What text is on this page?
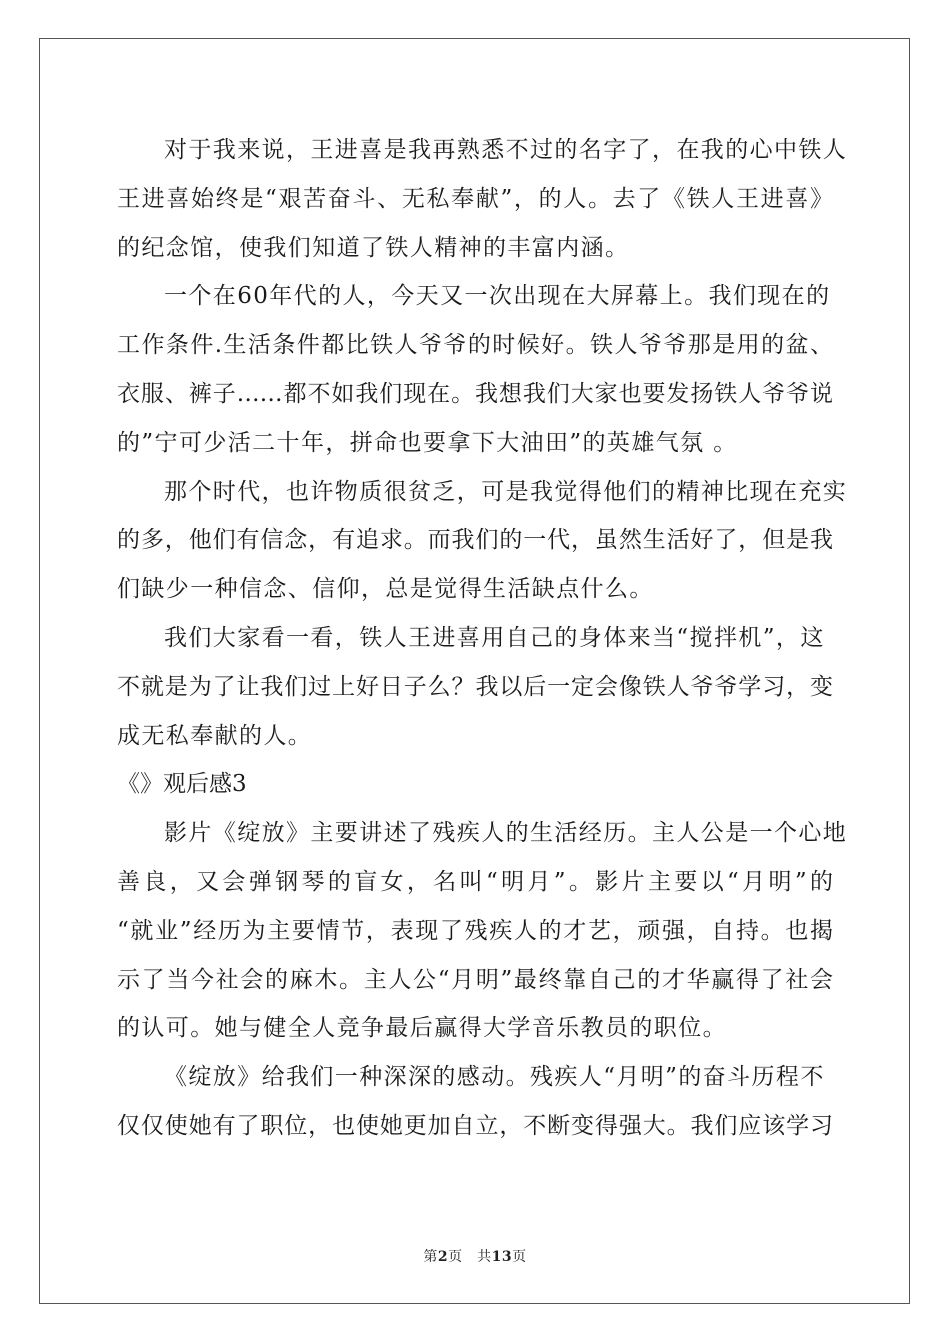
对于我来说，王进喜是我再熟悉不过的名字了，在我的心中铁人
王进喜始终是“艰苦奋斗、无私奉献”，的人。去了《铁人王进喜》
的纪念馆，使我们知道了铁人精神的丰富内涵。
一个在60年代的人，今天又一次出现在大屏幕上。我们现在的
工作条件.生活条件都比铁人爷爷的时候好。铁人爷爷那是用的盆、
衣服、裤子……都不如我们现在。我想我们大家也要发扬铁人爷爷说
的”宁可少活二十年，拼命也要拿下大油田”的英雄气氛 。
那个时代，也许物质很贫乏，可是我觉得他们的精神比现在充实
的多，他们有信念，有追求。而我们的一代，虽然生活好了，但是我
们缺少一种信念、信仰，总是觉得生活缺点什么。
我们大家看一看，铁人王进喜用自己的身体来当“搅拌机”，这
不就是为了让我们过上好日子么？我以后一定会像铁人爷爷学习，变
成无私奉献的人。
《》观后感3
影片《绽放》主要讲述了残疾人的生活经历。主人公是一个心地
善良，又会弹钢琴的盲女，名叫“明月”。影片主要以“月明”的
“就业”经历为主要情节，表现了残疾人的才艺，顽强，自持。也揭
示了当今社会的麻木。主人公“月明”最终靠自己的才华赢得了社会
的认可。她与健全人竞争最后赢得大学音乐教员的职位。
《绽放》给我们一种深深的感动。残疾人“月明”的奋斗历程不
仅仅使她有了职位，也使她更加自立，不断变得强大。我们应该学习
第2页　共13页
